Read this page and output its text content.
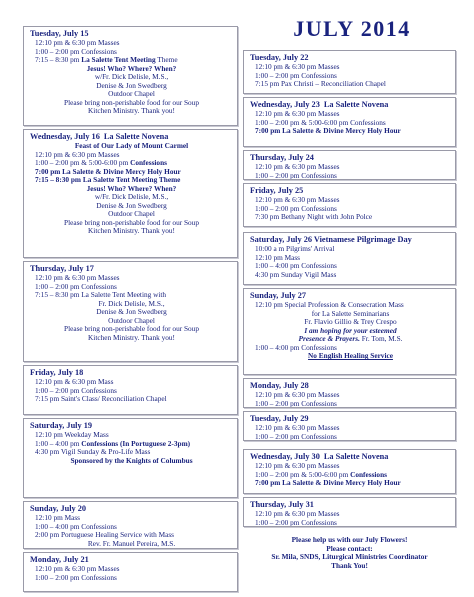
JULY 2014
Tuesday, July 15
12:10 pm & 6:30 pm Masses
1:00 – 2:00 pm Confessions
7:15 – 8:30 pm La Salette Tent Meeting Theme
Jesus! Who? Where? When?
w/Fr. Dick Delisle, M.S.,
Denise & Jon Swedberg
Outdoor Chapel
Please bring non-perishable food for our Soup
Kitchen Ministry. Thank you!
Wednesday, July 16 La Salette Novena
Feast of Our Lady of Mount Carmel
12:10 pm & 6:30 pm Masses
1:00 – 2:00 pm & 5:00-6:00 pm Confessions
7:00 pm La Salette & Divine Mercy Holy Hour
7:15 – 8:30 pm La Salette Tent Meeting Theme
Jesus! Who? Where? When?
w/Fr. Dick Delisle, M.S.,
Denise & Jon Swedberg
Outdoor Chapel
Please bring non-perishable food for our Soup
Kitchen Ministry. Thank you!
Thursday, July 17
12:10 pm & 6:30 pm Masses
1:00 – 2:00 pm Confessions
7:15 – 8:30 pm La Salette Tent Meeting with
Fr. Dick Delisle, M.S.,
Denise & Jon Swedberg
Outdoor Chapel
Please bring non-perishable food for our Soup
Kitchen Ministry. Thank you!
Friday, July 18
12:10 pm & 6:30 pm Mass
1:00 – 2:00 pm Confessions
7:15 pm Saint's Class/ Reconciliation Chapel
Saturday, July 19
12:10 pm Weekday Mass
1:00 – 4:00 pm Confessions (In Portuguese 2-3pm)
4:30 pm Vigil Sunday & Pro-Life Mass
Sponsored by the Knights of Columbus
Sunday, July 20
12:10 pm Mass
1:00 – 4:00 pm Confessions
2:00 pm Portuguese Healing Service with Mass
Rev. Fr. Manuel Pereira, M.S.
Monday, July 21
12:10 pm & 6:30 pm Masses
1:00 – 2:00 pm Confessions
Tuesday, July 22
12:10 pm & 6:30 pm Masses
1:00 – 2:00 pm Confessions
7:15 pm Pax Christi – Reconciliation Chapel
Wednesday, July 23 La Salette Novena
12:10 pm & 6:30 pm Masses
1:00 – 2:00 pm & 5:00-6:00 pm Confessions
7:00 pm La Salette & Divine Mercy Holy Hour
Thursday, July 24
12:10 pm & 6:30 pm Masses
1:00 – 2:00 pm Confessions
Friday, July 25
12:10 pm & 6:30 pm Masses
1:00 – 2:00 pm Confessions
7:30 pm Bethany Night with John Polce
Saturday, July 26 Vietnamese Pilgrimage Day
10:00 a m Pilgrims' Arrival
12:10 pm Mass
1:00 – 4:00 pm Confessions
4:30 pm Sunday Vigil Mass
Sunday, July 27
12:10 pm Special Profession & Consecration Mass
for La Salette Seminarians
Fr. Flavio Gillio & Trey Crespo
I am hoping for your esteemed
Presence & Prayers. Fr. Tom, M.S.
1:00 – 4:00 pm Confessions
No English Healing Service
Monday, July 28
12:10 pm & 6:30 pm Masses
1:00 – 2:00 pm Confessions
Tuesday, July 29
12:10 pm & 6:30 pm Masses
1:00 – 2:00 pm Confessions
Wednesday, July 30 La Salette Novena
12:10 pm & 6:30 pm Masses
1:00 – 2:00 pm & 5:00-6:00 pm Confessions
7:00 pm La Salette & Divine Mercy Holy Hour
Thursday, July 31
12:10 pm & 6:30 pm Masses
1:00 – 2:00 pm Confessions
Please help us with our July Flowers!
Please contact:
Sr. Mila, SNDS, Liturgical Ministries Coordinator
Thank You!
